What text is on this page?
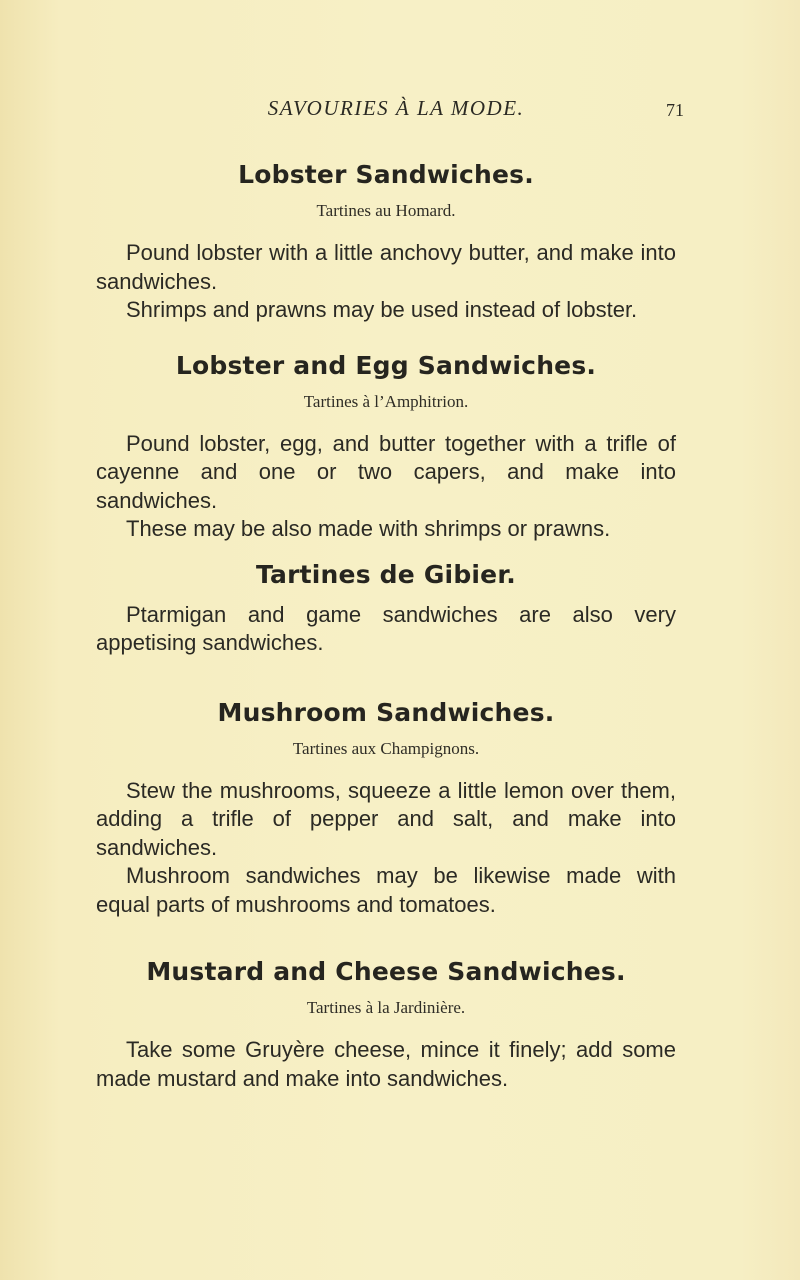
SAVOURIES À LA MODE.	71
Lobster Sandwiches.
Tartines au Homard.

Pound lobster with a little anchovy butter, and make into sandwiches.

Shrimps and prawns may be used instead of lobster.

Lobster and Egg Sandwiches.
Tartines à l’Amphitrion.

Pound lobster, egg, and butter together with a trifle of cayenne and one or two capers, and make into sandwiches.

These may be also made with shrimps or prawns.

Tartines de Gibier.

Ptarmigan and game sandwiches are also very appetising sandwiches.

Mushroom Sandwiches.
Tartines aux Champignons.

Stew the mushrooms, squeeze a little lemon over them, adding a trifle of pepper and salt, and make into sandwiches.

Mushroom sandwiches may be likewise made with equal parts of mushrooms and tomatoes.

Mustard and Cheese Sandwiches.
Tartines à la Jardinière.

Take some Gruyère cheese, mince it finely; add some made mustard and make into sandwiches.
